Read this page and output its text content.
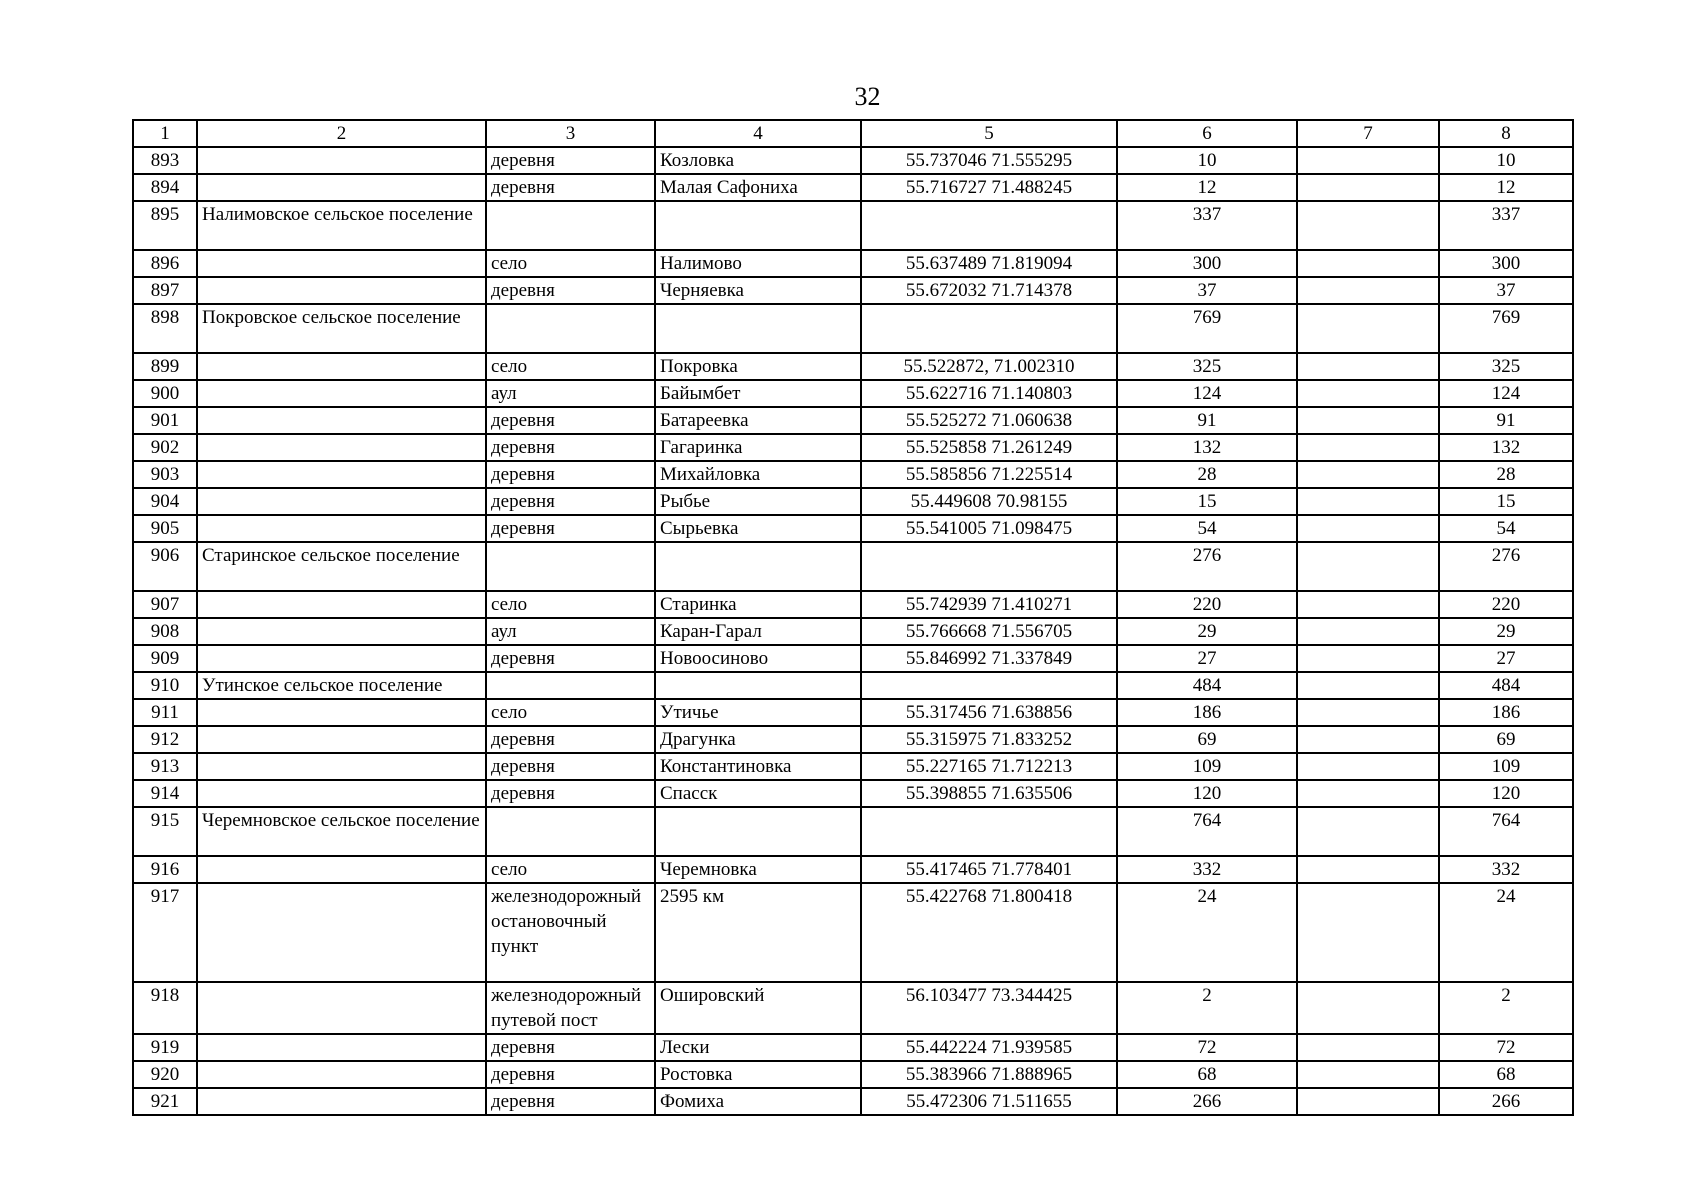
32
1	2	3	4	5	6	7	8
893		деревня	Козловка	55.737046 71.555295	10		10
894		деревня	Малая Сафониха	55.716727 71.488245	12		12
895	Налимовское сельское поселение				337		337
896		село	Налимово	55.637489 71.819094	300		300
897		деревня	Черняевка	55.672032 71.714378	37		37
898	Покровское сельское поселение				769		769
899		село	Покровка	55.522872, 71.002310	325		325
900		аул	Байымбет	55.622716 71.140803	124		124
901		деревня	Батареевка	55.525272 71.060638	91		91
902		деревня	Гагаринка	55.525858 71.261249	132		132
903		деревня	Михайловка	55.585856 71.225514	28		28
904		деревня	Рыбье	55.449608 70.98155	15		15
905		деревня	Сырьевка	55.541005 71.098475	54		54
906	Старинское сельское поселение				276		276
907		село	Старинка	55.742939 71.410271	220		220
908		аул	Каран-Гарал	55.766668 71.556705	29		29
909		деревня	Новоосиново	55.846992 71.337849	27		27
910	Утинское сельское поселение				484		484
911		село	Утичье	55.317456 71.638856	186		186
912		деревня	Драгунка	55.315975 71.833252	69		69
913		деревня	Константиновка	55.227165 71.712213	109		109
914		деревня	Спасск	55.398855 71.635506	120		120
915	Черемновское сельское поселение				764		764
916		село	Черемновка	55.417465 71.778401	332		332
917		железнодорожный остановочный пункт	2595 км	55.422768 71.800418	24		24
918		железнодорожный путевой пост	Ошировский	56.103477 73.344425	2		2
919		деревня	Лески	55.442224 71.939585	72		72
920		деревня	Ростовка	55.383966 71.888965	68		68
921		деревня	Фомиха	55.472306 71.511655	266		266
